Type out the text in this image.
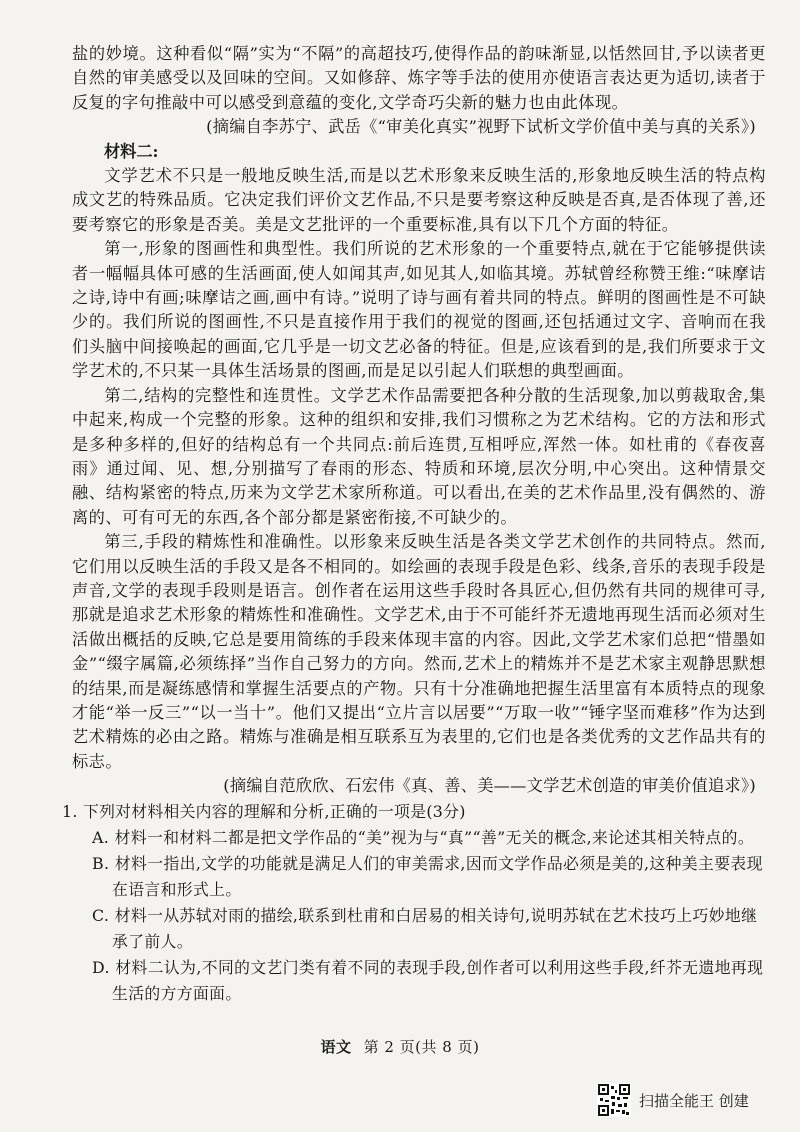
盐的妙境。这种看似“隔”实为“不隔”的高超技巧,使得作品的韵味渐显,以恬然回甘,予以读者更自然的审美感受以及回味的空间。又如修辞、炼字等手法的使用亦使语言表达更为适切,读者于反复的字句推敲中可以感受到意蕴的变化,文学奇巧尖新的魅力也由此体现。

(摘编自李苏宁、武岳《“审美化真实”视野下试析文学价值中美与真的关系》)

材料二:

文学艺术不只是一般地反映生活,而是以艺术形象来反映生活的,形象地反映生活的特点构成文艺的特殊品质。它决定我们评价文艺作品,不只是要考察这种反映是否真,是否体现了善,还要考察它的形象是否美。美是文艺批评的一个重要标准,具有以下几个方面的特征。

第一,形象的图画性和典型性。我们所说的艺术形象的一个重要特点,就在于它能够提供读者一幅幅具体可感的生活画面,使人如闻其声,如见其人,如临其境。苏轼曾经称赞王维:“味摩诘之诗,诗中有画;味摩诘之画,画中有诗。”说明了诗与画有着共同的特点。鲜明的图画性是不可缺少的。我们所说的图画性,不只是直接作用于我们的视觉的图画,还包括通过文字、音响而在我们头脑中间接唤起的画面,它几乎是一切文艺必备的特征。但是,应该看到的是,我们所要求于文学艺术的,不只某一具体生活场景的图画,而是足以引起人们联想的典型画面。

第二,结构的完整性和连贯性。文学艺术作品需要把各种分散的生活现象,加以剪裁取舍,集中起来,构成一个完整的形象。这种的组织和安排,我们习惯称之为艺术结构。它的方法和形式是多种多样的,但好的结构总有一个共同点:前后连贯,互相呼应,浑然一体。如杜甫的《春夜喜雨》通过闻、见、想,分别描写了春雨的形态、特质和环境,层次分明,中心突出。这种情景交融、结构紧密的特点,历来为文学艺术家所称道。可以看出,在美的艺术作品里,没有偶然的、游离的、可有可无的东西,各个部分都是紧密衔接,不可缺少的。

第三,手段的精炼性和准确性。以形象来反映生活是各类文学艺术创作的共同特点。然而,它们用以反映生活的手段又是各不相同的。如绘画的表现手段是色彩、线条,音乐的表现手段是声音,文学的表现手段则是语言。创作者在运用这些手段时各具匠心,但仍然有共同的规律可寻,那就是追求艺术形象的精炼性和准确性。文学艺术,由于不可能纤芥无遗地再现生活而必须对生活做出概括的反映,它总是要用简练的手段来体现丰富的内容。因此,文学艺术家们总把“惜墨如金”“缀字属篇,必须练择”当作自己努力的方向。然而,艺术上的精炼并不是艺术家主观静思默想的结果,而是凝练感情和掌握生活要点的产物。只有十分准确地把握生活里富有本质特点的现象才能“举一反三”“以一当十”。他们又提出“立片言以居要”“万取一收”“锤字坚而难移”作为达到艺术精炼的必由之路。精炼与准确是相互联系互为表里的,它们也是各类优秀的文艺作品共有的标志。

(摘编自范欣欣、石宏伟《真、善、美——文学艺术创造的审美价值追求》)

1. 下列对材料相关内容的理解和分析,正确的一项是(3分)

A. 材料一和材料二都是把文学作品的“美”视为与“真”“善”无关的概念,来论述其相关特点的。

B. 材料一指出,文学的功能就是满足人们的审美需求,因而文学作品必须是美的,这种美主要表现在语言和形式上。

C. 材料一从苏轼对雨的描绘,联系到杜甫和白居易的相关诗句,说明苏轼在艺术技巧上巧妙地继承了前人。

D. 材料二认为,不同的文艺门类有着不同的表现手段,创作者可以利用这些手段,纤芥无遗地再现生活的方方面面。

语文 第 2 页(共 8 页)
扫描全能王 创建
